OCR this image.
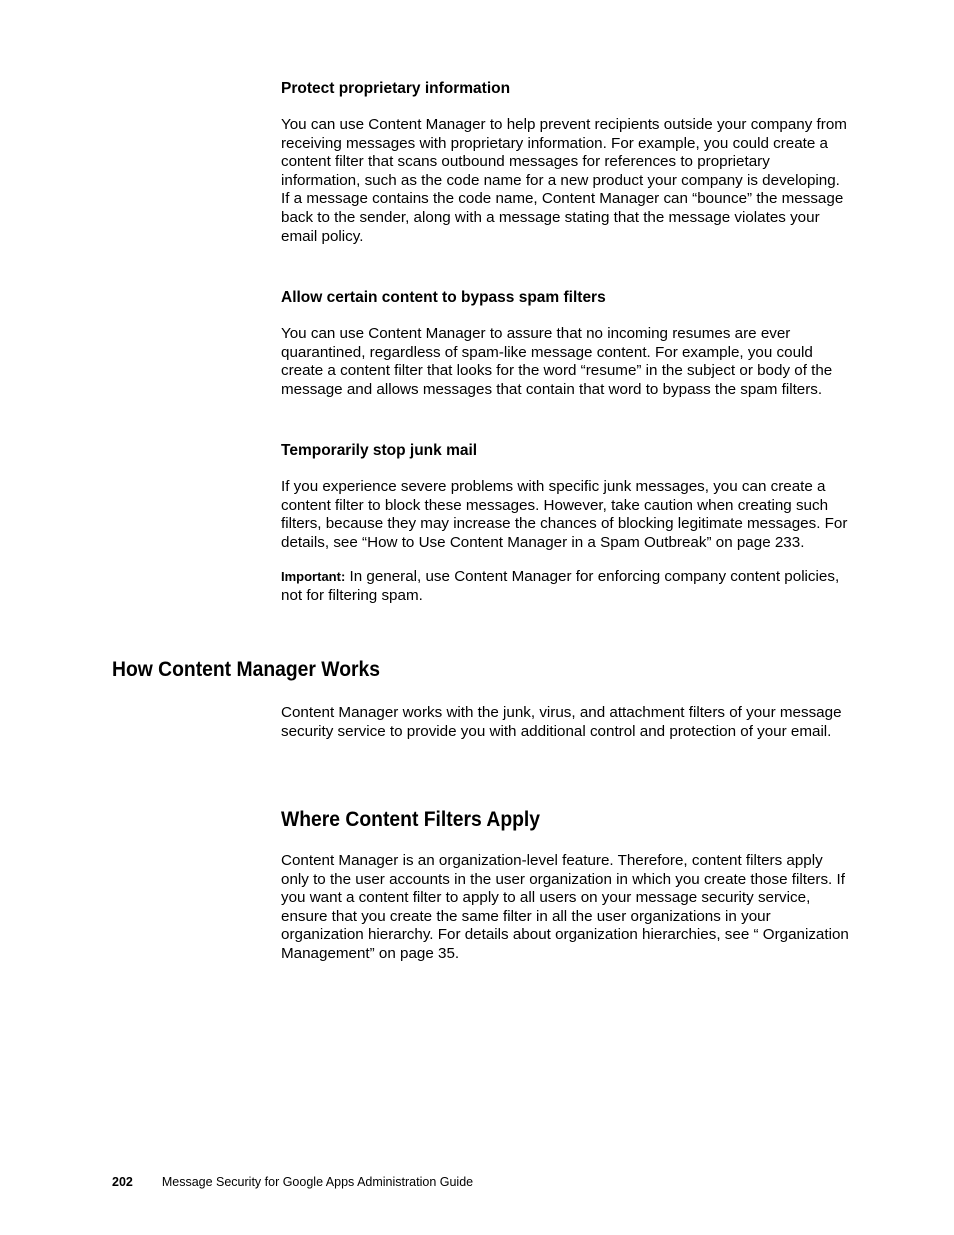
Protect proprietary information

You can use Content Manager to help prevent recipients outside your company from receiving messages with proprietary information. For example, you could create a content filter that scans outbound messages for references to proprietary information, such as the code name for a new product your company is developing. If a message contains the code name, Content Manager can “bounce” the message back to the sender, along with a message stating that the message violates your email policy.

Allow certain content to bypass spam filters

You can use Content Manager to assure that no incoming resumes are ever quarantined, regardless of spam-like message content. For example, you could create a content filter that looks for the word “resume” in the subject or body of the message and allows messages that contain that word to bypass the spam filters.

Temporarily stop junk mail

If you experience severe problems with specific junk messages, you can create a content filter to block these messages. However, take caution when creating such filters, because they may increase the chances of blocking legitimate messages. For details, see “How to Use Content Manager in a Spam Outbreak” on page 233.

Important: In general, use Content Manager for enforcing company content policies, not for filtering spam.

How Content Manager Works

Content Manager works with the junk, virus, and attachment filters of your message security service to provide you with additional control and protection of your email.

Where Content Filters Apply

Content Manager is an organization-level feature. Therefore, content filters apply only to the user accounts in the user organization in which you create those filters. If you want a content filter to apply to all users on your message security service, ensure that you create the same filter in all the user organizations in your organization hierarchy. For details about organization hierarchies, see “ Organization Management” on page 35.

202 Message Security for Google Apps Administration Guide
